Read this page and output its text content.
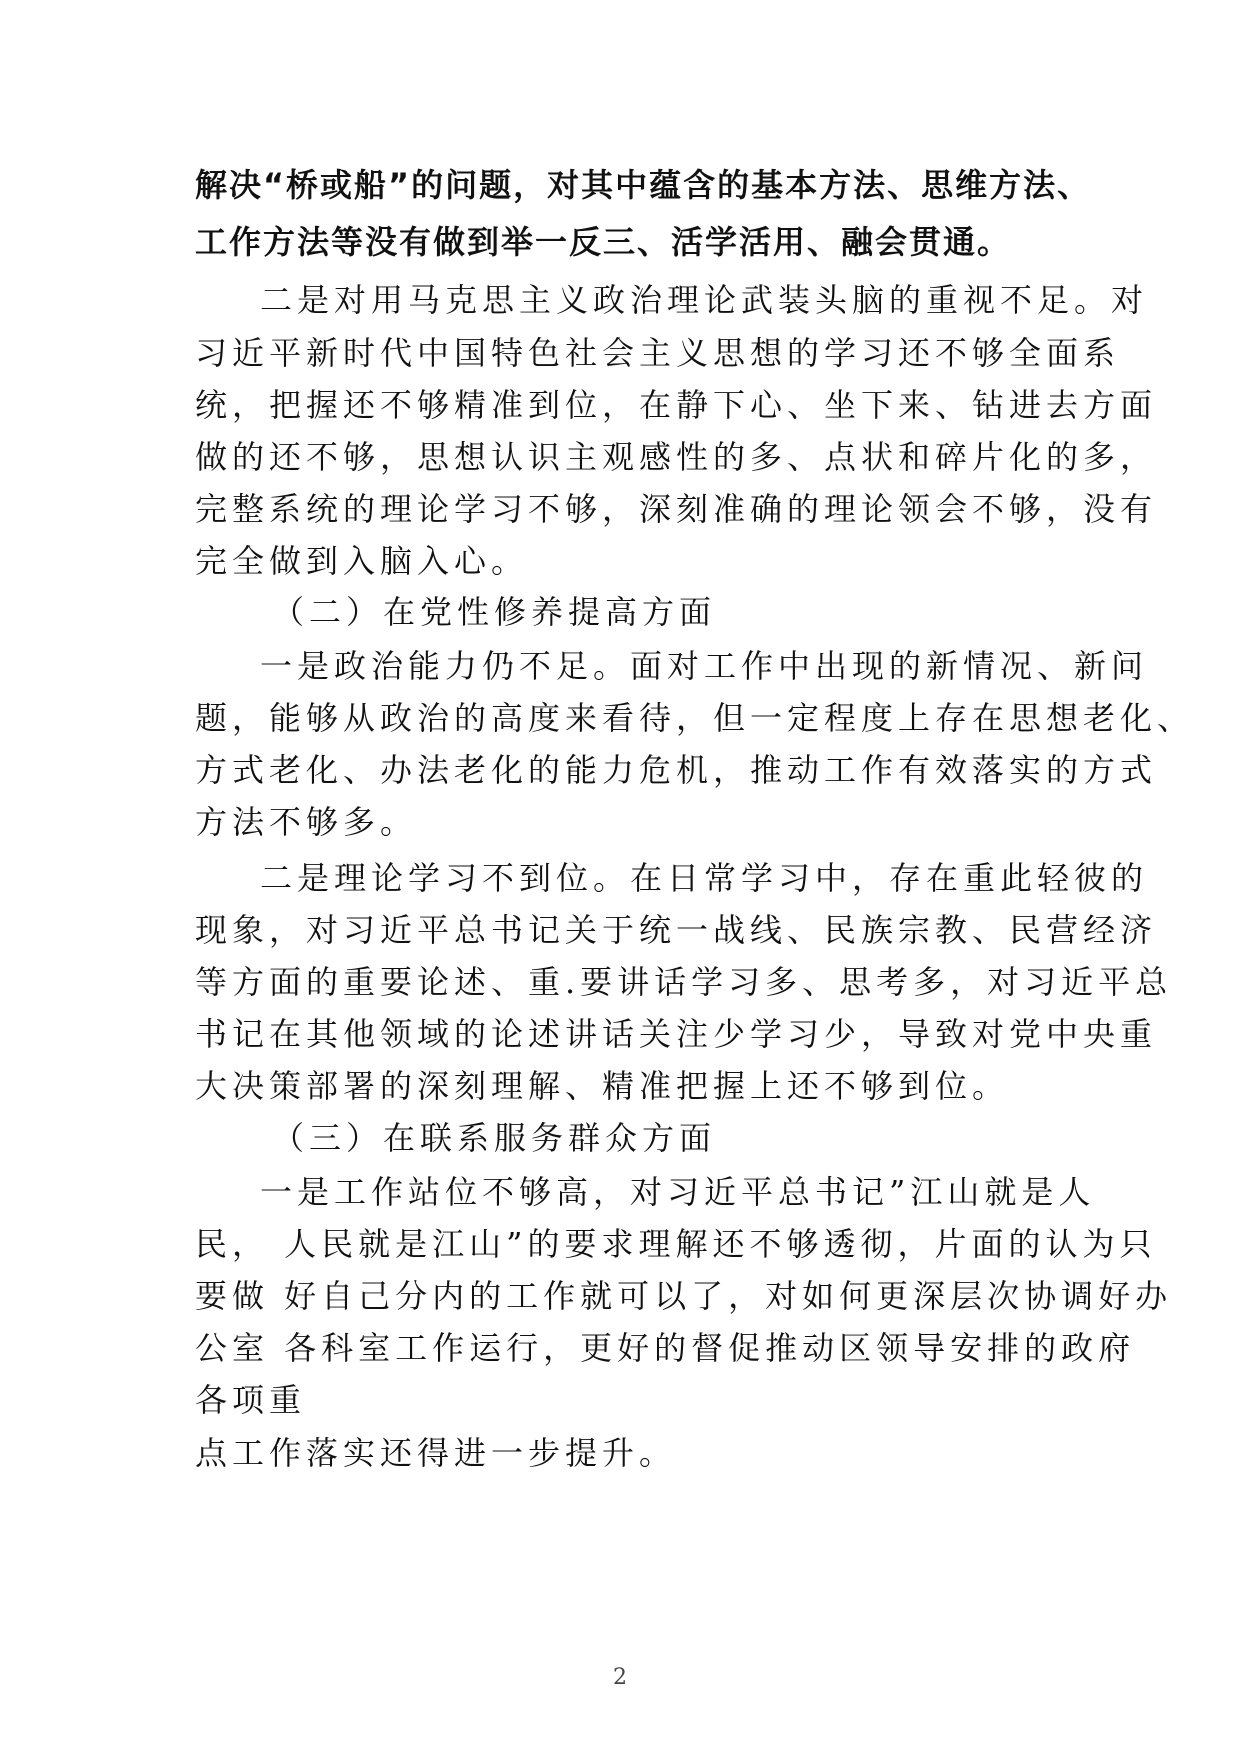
解决“桥或船”的问题，对其中蕴含的基本方法、思维方法、
工作方法等没有做到举一反三、活学活用、融会贯通。
二是对用马克思主义政治理论武装头脑的重视不足。对
习近平新时代中国特色社会主义思想的学习还不够全面系
统，把握还不够精准到位，在静下心、坐下来、钻进去方面
做的还不够，思想认识主观感性的多、点状和碎片化的多，
完整系统的理论学习不够，深刻准确的理论领会不够，没有
完全做到入脑入心。
（二）在党性修养提高方面
一是政治能力仍不足。面对工作中出现的新情况、新问
题，能够从政治的高度来看待，但一定程度上存在思想老化、
方式老化、办法老化的能力危机，推动工作有效落实的方式
方法不够多。
二是理论学习不到位。在日常学习中，存在重此轻彼的
现象，对习近平总书记关于统一战线、民族宗教、民营经济
等方面的重要论述、重.要讲话学习多、思考多，对习近平总
书记在其他领域的论述讲话关注少学习少，导致对党中央重
大决策部署的深刻理解、精准把握上还不够到位。
（三）在联系服务群众方面
一是工作站位不够高，对习近平总书记”江山就是人
民， 人民就是江山”的要求理解还不够透彻，片面的认为只
要做 好自己分内的工作就可以了，对如何更深层次协调好办
公室 各科室工作运行，更好的督促推动区领导安排的政府
各项重
点工作落实还得进一步提升。
2
